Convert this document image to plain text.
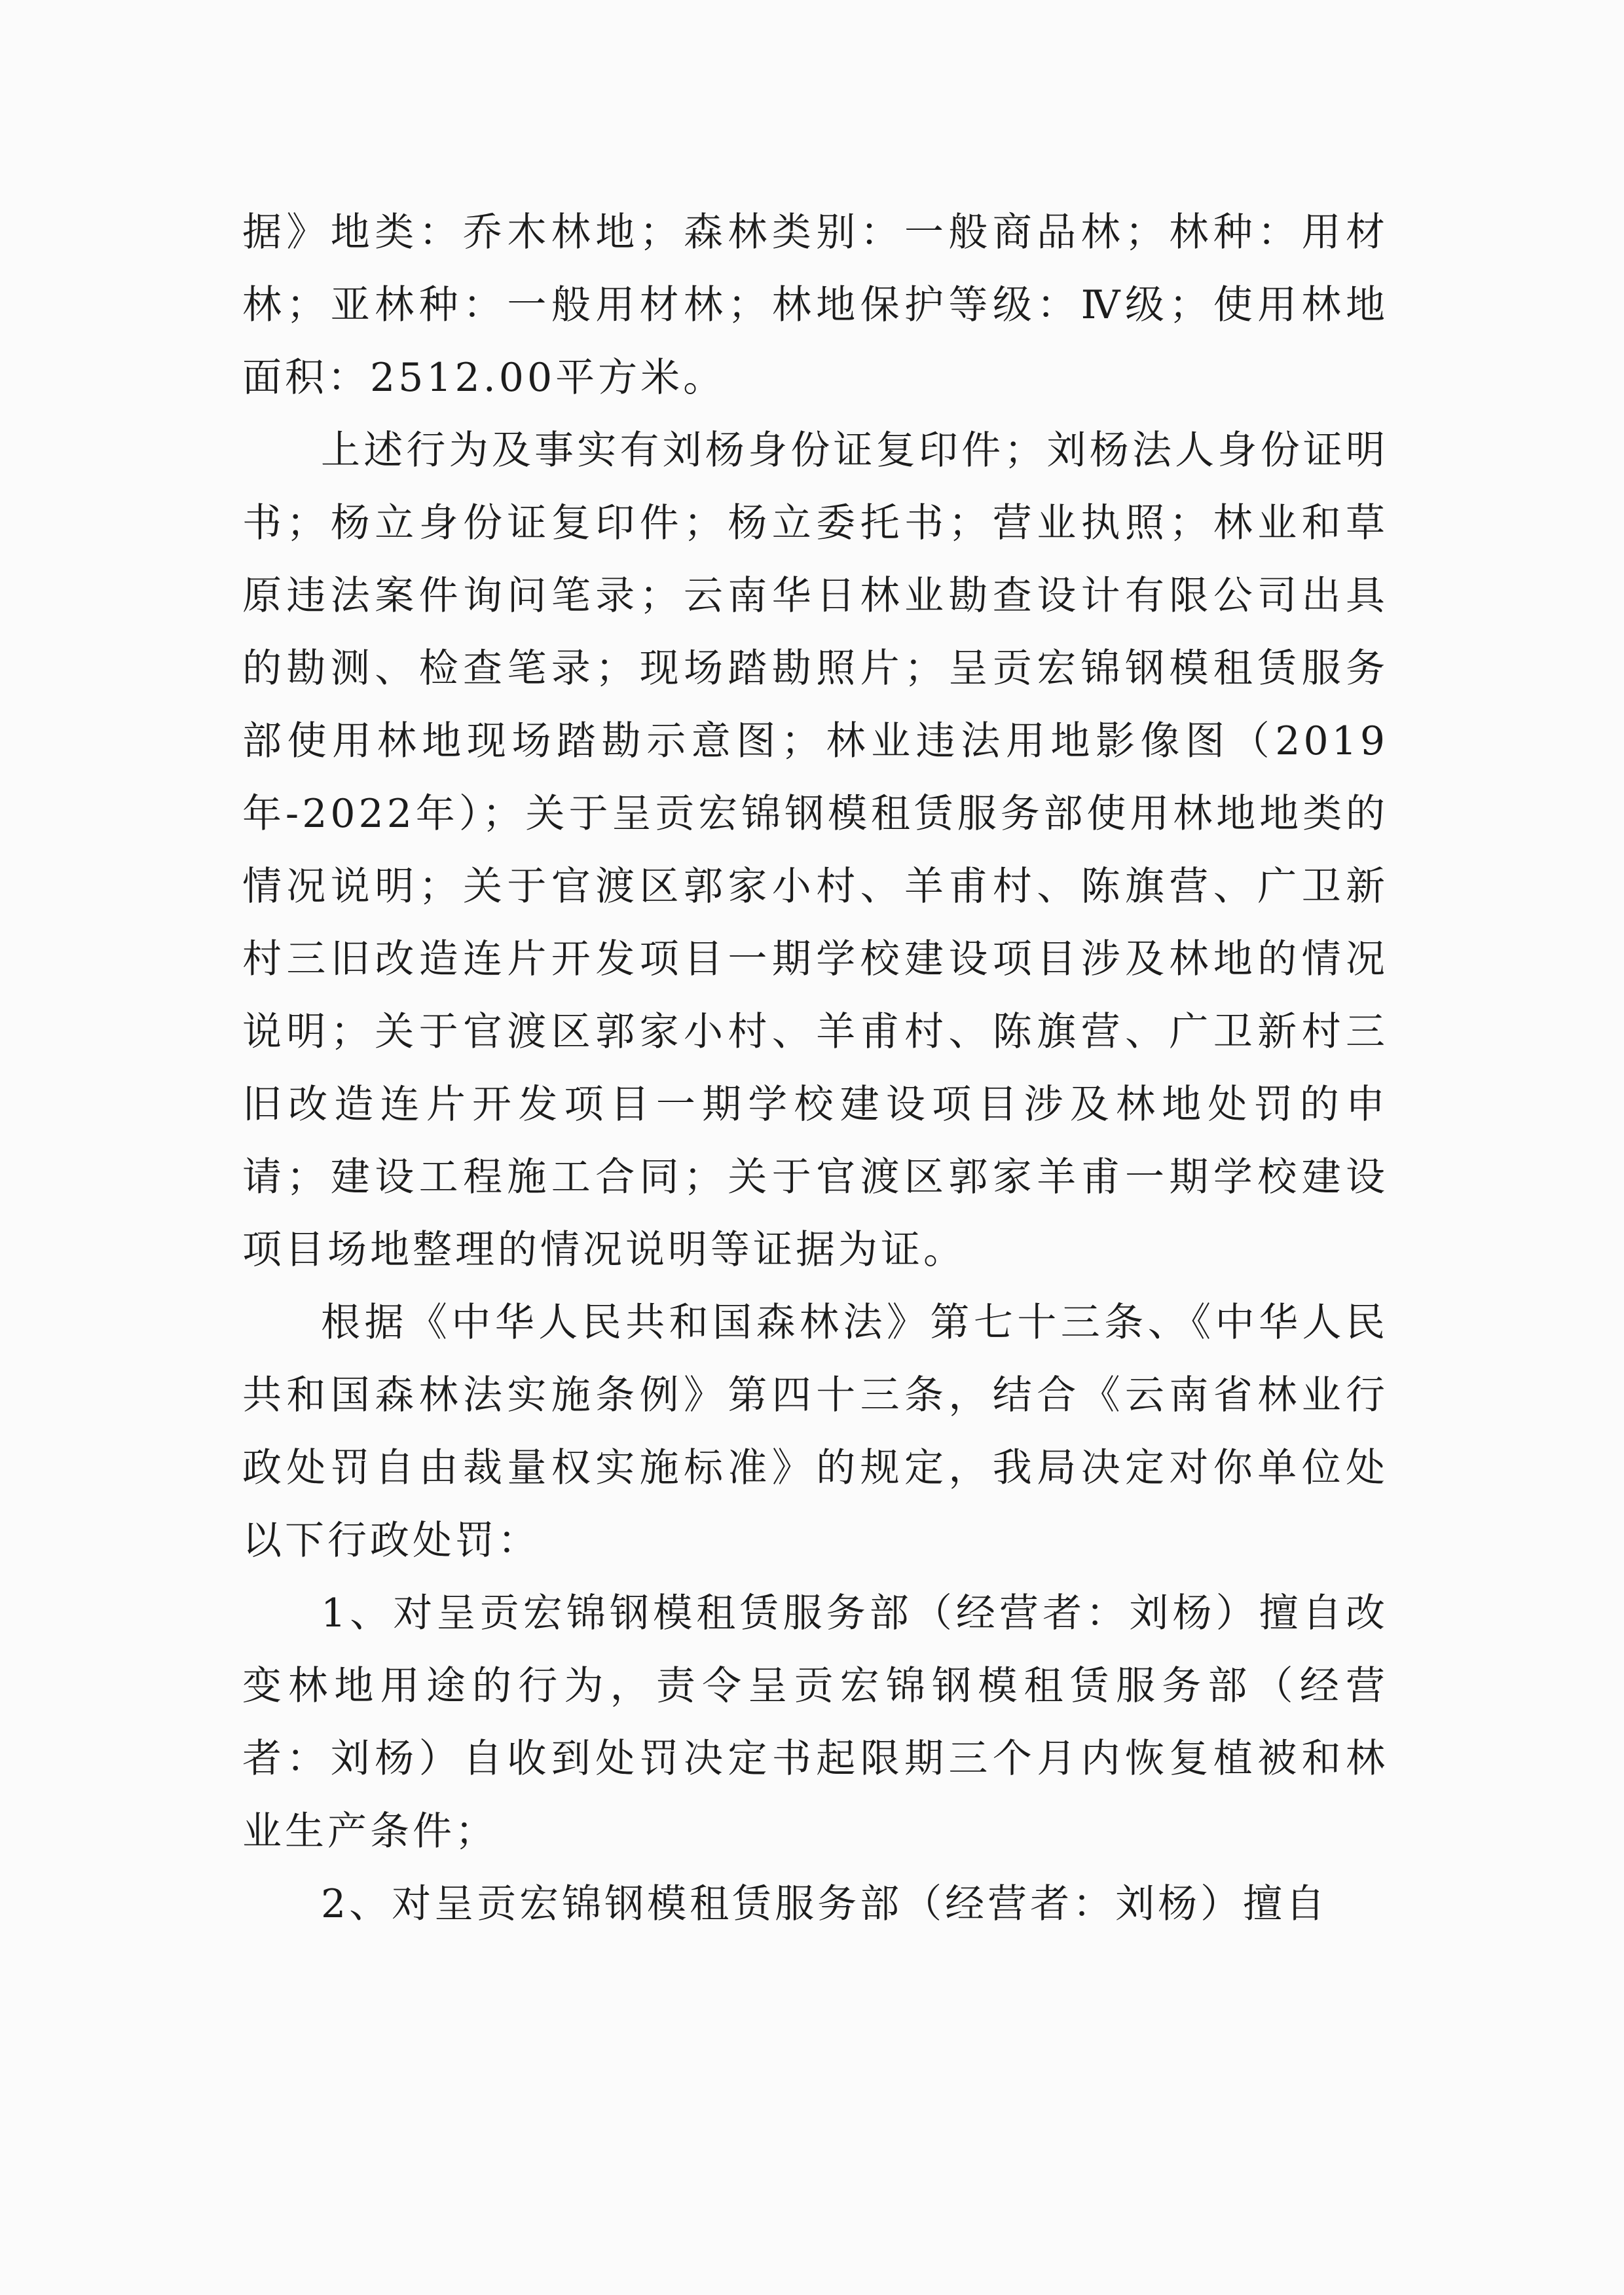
据》地类：乔木林地；森林类别：一般商品林；林种：用材林；亚林种：一般用材林；林地保护等级：Ⅳ级；使用林地面积：2512.00平方米。

上述行为及事实有刘杨身份证复印件；刘杨法人身份证明书；杨立身份证复印件；杨立委托书；营业执照；林业和草原违法案件询问笔录；云南华日林业勘查设计有限公司出具的勘测、检查笔录；现场踏勘照片；呈贡宏锦钢模租赁服务部使用林地现场踏勘示意图；林业违法用地影像图（2019年-2022年）；关于呈贡宏锦钢模租赁服务部使用林地地类的情况说明；关于官渡区郭家小村、羊甫村、陈旗营、广卫新村三旧改造连片开发项目一期学校建设项目涉及林地的情况说明；关于官渡区郭家小村、羊甫村、陈旗营、广卫新村三旧改造连片开发项目一期学校建设项目涉及林地处罚的申请；建设工程施工合同；关于官渡区郭家羊甫一期学校建设项目场地整理的情况说明等证据为证。

根据《中华人民共和国森林法》第七十三条、《中华人民共和国森林法实施条例》第四十三条，结合《云南省林业行政处罚自由裁量权实施标准》的规定，我局决定对你单位处以下行政处罚：

1、对呈贡宏锦钢模租赁服务部（经营者：刘杨）擅自改变林地用途的行为，责令呈贡宏锦钢模租赁服务部（经营者：刘杨）自收到处罚决定书起限期三个月内恢复植被和林业生产条件；

2、对呈贡宏锦钢模租赁服务部（经营者：刘杨）擅自
